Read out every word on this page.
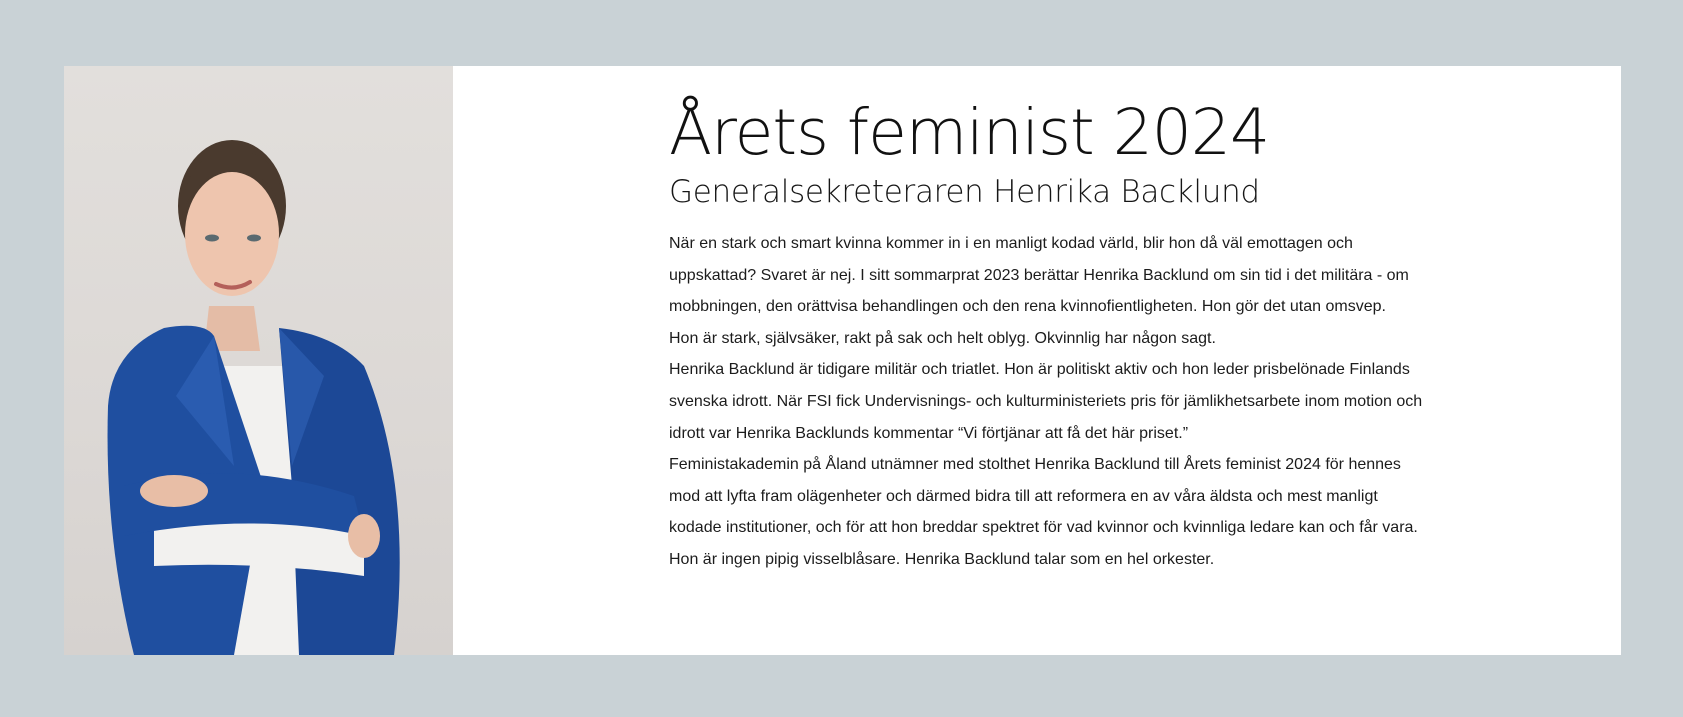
Årets feminist 2024
Generalsekreteraren Henrika Backlund

När en stark och smart kvinna kommer in i en manligt kodad värld, blir hon då väl emottagen och uppskattad? Svaret är nej. I sitt sommarprat 2023 berättar Henrika Backlund om sin tid i det militära - om mobbningen, den orättvisa behandlingen och den rena kvinnofientligheten. Hon gör det utan omsvep.

Hon är stark, självsäker, rakt på sak och helt oblyg. Okvinnlig har någon sagt.

Henrika Backlund är tidigare militär och triatlet. Hon är politiskt aktiv och hon leder prisbelönade Finlands svenska idrott. När FSI fick Undervisnings- och kulturministeriets pris för jämlikhetsarbete inom motion och idrott var Henrika Backlunds kommentar “Vi förtjänar att få det här priset.”

Feministakademin på Åland utnämner med stolthet Henrika Backlund till Årets feminist 2024 för hennes mod att lyfta fram olägenheter och därmed bidra till att reformera en av våra äldsta och mest manligt kodade institutioner, och för att hon breddar spektret för vad kvinnor och kvinnliga ledare kan och får vara.

Hon är ingen pipig visselblåsare. Henrika Backlund talar som en hel orkester.
